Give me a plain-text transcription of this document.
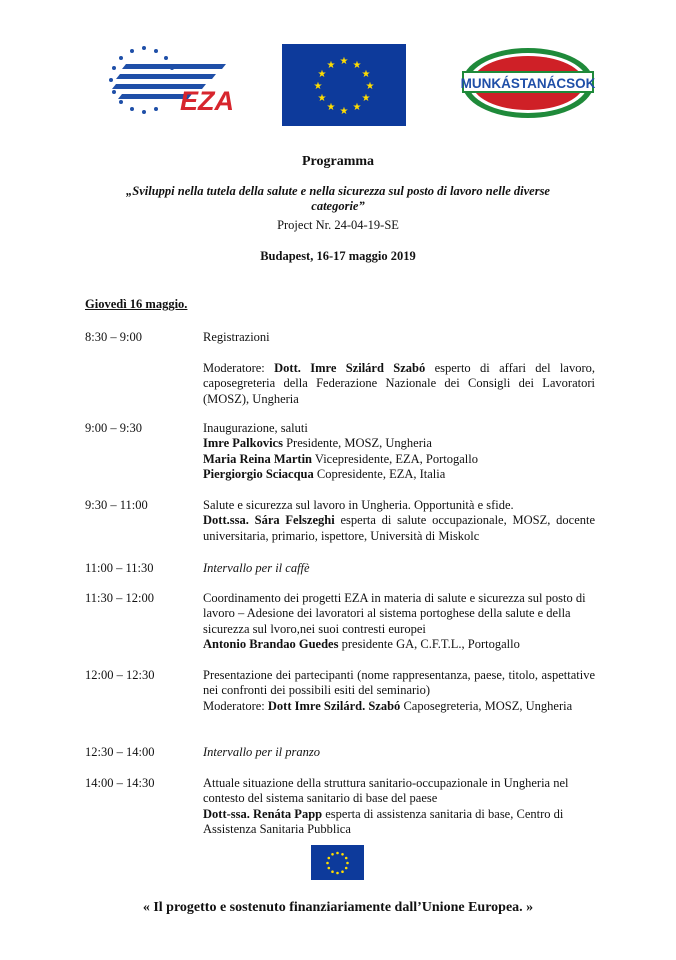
EZA
★ ★
★
★
★
★
★
★
★
★
★
★
MUNKÁSTANÁCSOK
Programma
„Sviluppi nella tutela della salute e nella sicurezza sul posto di lavoro nelle diverse
categorie”
Project Nr. 24-04-19-SE
Budapest, 16-17 maggio 2019
Giovedì 16 maggio.
8:30 – 9:00	Registrazioni
Moderatore: Dott. Imre Szilárd Szabó esperto di affari del lavoro, caposegreteria della Federazione Nazionale dei Consigli dei Lavoratori (MOSZ), Ungheria
9:00 – 9:30	Inaugurazione, saluti

Imre Palkovics Presidente, MOSZ, Ungheria

Maria Reina Martin Vicepresidente, EZA, Portogallo

Piergiorgio Sciacqua Copresidente, EZA, Italia

9:30 – 11:00	Salute e sicurezza sul lavoro in Ungheria. Opportunità e sfide.

Dott.ssa. Sára Felszeghi esperta di salute occupazionale, MOSZ, docente universitaria, primario, ispettore, Università di Miskolc

11:00 – 11:30	Intervallo per il caffè
11:30 – 12:00	Coordinamento dei progetti EZA in materia di salute e sicurezza sul posto di lavoro – Adesione dei lavoratori al sistema portoghese della salute e della sicurezza sul lvoro,nei suoi contresti europei

Antonio Brandao Guedes presidente GA, C.F.T.L., Portogallo

12:00 – 12:30	Presentazione dei partecipanti (nome rappresentanza, paese, titolo, aspettative nei confronti dei possibili esiti del seminario)

Moderatore: Dott Imre Szilárd. Szabó Caposegreteria, MOSZ, Ungheria

12:30 – 14:00	Intervallo per il pranzo
14:00 – 14:30	Attuale situazione della struttura sanitario-occupazionale in Ungheria nel contesto del sistema sanitario di base del paese

Dott-ssa. Renáta Papp esperta di assistenza sanitaria di base, Centro di Assistenza Sanitaria Pubblica

« Il progetto e sostenuto finanziariamente dall’Unione Europea. »
